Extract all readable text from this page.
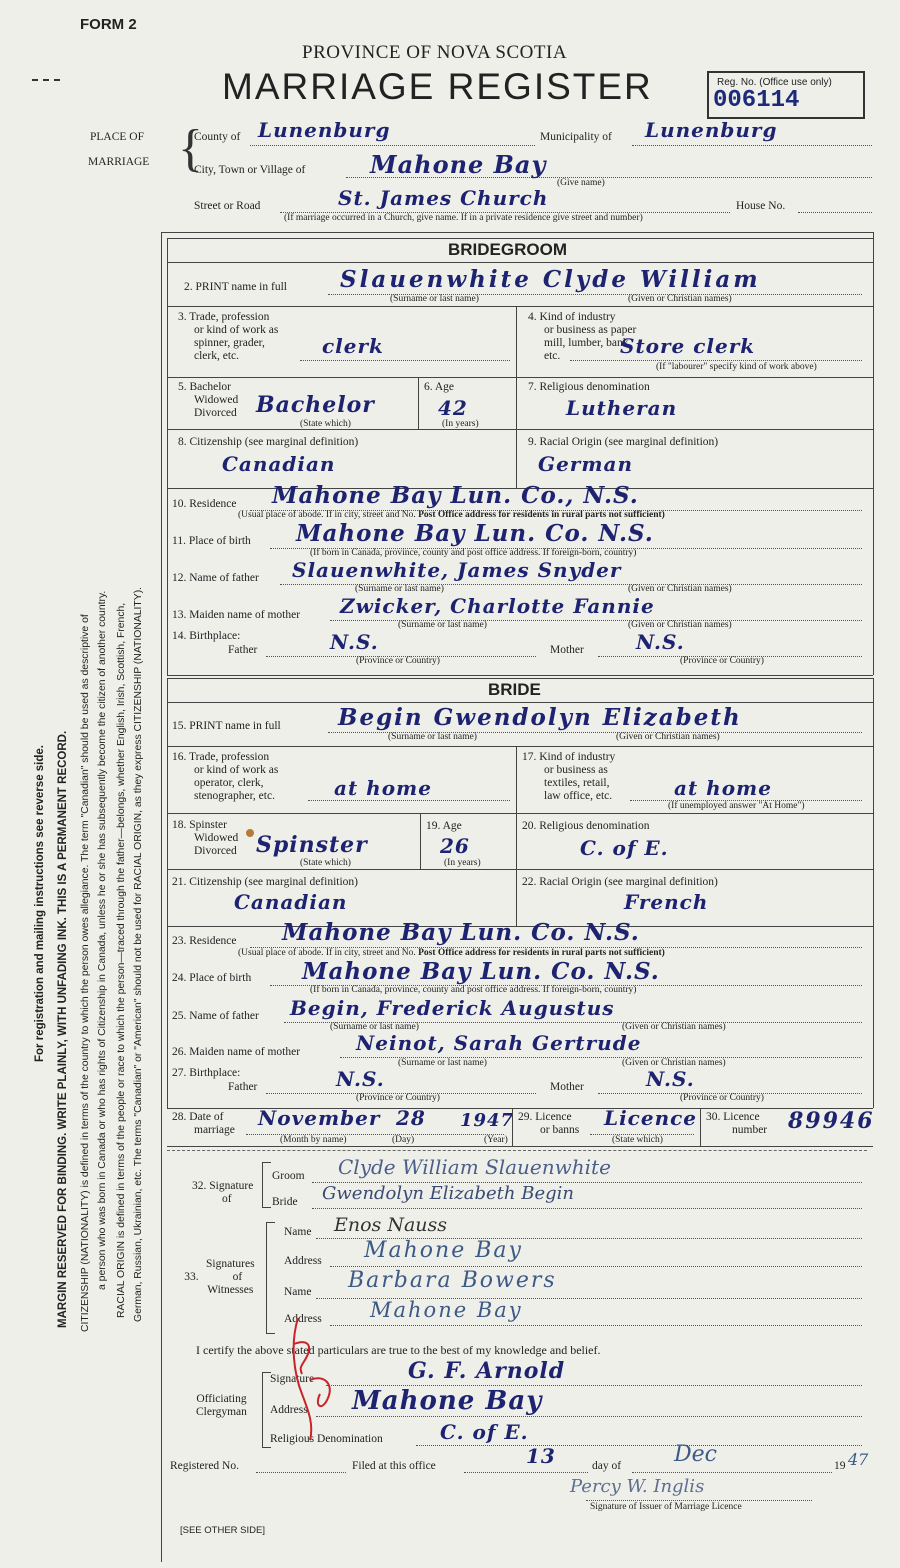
FORM 2
PROVINCE OF NOVA SCOTIA
MARRIAGE REGISTER	Reg. No. (Office use only)
006114
PLACE OF
MARRIAGE {
County of Lunenburg	Municipality of Lunenburg
City, Town or Village of	Mahone Bay
(Give name)
Street or Road	St. James Church	House No.
(If marriage occurred in a Church, give name. If in a private residence give street and number)
For registration and mailing instructions see reverse side. MARGIN RESERVED FOR BINDING. WRITE PLAINLY, WITH UNFADING INK. THIS IS A PERMANENT RECORD. CITIZENSHIP (NATIONALITY) is defined in terms of the country to which the person owes allegiance. The term "Canadian" should be used as descriptive of a person who was born in Canada or who has rights of Citizenship in Canada, unless he or she has subsequently become the citizen of another country. RACIAL ORIGIN is defined in terms of the people or race to which the person—traced through the father—belongs, whether English, Irish, Scottish, French, German, Russian, Ukrainian, etc. The terms "Canadian" or "American" should not be used for RACIAL ORIGIN, as they express CITIZENSHIP (NATIONALITY).
BRIDEGROOM
2. PRINT name in full Slauenwhite Clyde William
(Surname or last name)	(Given or Christian names)
3. Trade, profession
or kind of work as
spinner, grader,
clerk, etc.	clerk
4. Kind of industry
or business as paper
mill, lumber, bank,
etc.	Store clerk
(If "labourer" specify kind of work above)
5. Bachelor
Widowed
Divorced Bachelor
(State which)
6. Age
42
(In years)
7. Religious denomination
Lutheran
8. Citizenship (see marginal definition)
Canadian
9. Racial Origin (see marginal definition)
German
10. Residence Mahone Bay Lun. Co., N.S.
(Usual place of abode. If in city, street and No. Post Office address for residents in rural parts not sufficient)
11. Place of birth Mahone Bay Lun. Co. N.S.
(If born in Canada, province, county and post office address. If foreign-born, country)
12. Name of father Slauenwhite, James Snyder
(Surname or last name)	(Given or Christian names)
13. Maiden name of mother Zwicker, Charlotte Fannie
(Surname or last name)	(Given or Christian names)
14. Birthplace:
Father	N.S.
(Province or Country)
Mother	N.S.
(Province or Country)
BRIDE
15. PRINT name in full Begin Gwendolyn Elizabeth
(Surname or last name)	(Given or Christian names)
16. Trade, profession
or kind of work as
operator, clerk,
stenographer, etc.	at home
17. Kind of industry
or business as
textiles, retail,
law office, etc.	at home
(If unemployed answer "At Home")
18. Spinster
Widowed
Divorced Spinster
(State which)
19. Age
26
(In years)
20. Religious denomination
C. of E.
21. Citizenship (see marginal definition)
Canadian
22. Racial Origin (see marginal definition)
French
23. Residence Mahone Bay Lun. Co. N.S.
(Usual place of abode. If in city, street and No. Post Office address for residents in rural parts not sufficient)
24. Place of birth Mahone Bay Lun. Co. N.S.
(If born in Canada, province, county and post office address. If foreign-born, country)
25. Name of father Begin, Frederick Augustus
(Surname or last name)	(Given or Christian names)
26. Maiden name of mother	Neinot, Sarah Gertrude
(Surname or last name)	(Given or Christian names)
27. Birthplace:
Father	N.S.
(Province or Country)
Mother	N.S.
(Province or Country)
28. Date of
marriage November 28 1947
(Month by name)	(Day)	(Year)
29. Licence
or banns Licence
(State which)
30. Licence
number 89946
32. Signature
of
Groom Clyde William Slauenwhite
Bride Gwendolyn Elizabeth Begin
Signatures
33.	of
Witnesses
Name Enos Nauss
Address Mahone Bay
Name Barbara Bowers
Address Mahone Bay
I certify the above stated particulars are true to the best of my knowledge and belief.
Officiating
Clergyman
Signature	G. F. Arnold
Address Mahone Bay
Religious Denomination	C. of E.
Registered No.	Filed at this office	13	day of Dec	19 47
Percy W. Inglis
Signature of Issuer of Marriage Licence
[SEE OTHER SIDE]
